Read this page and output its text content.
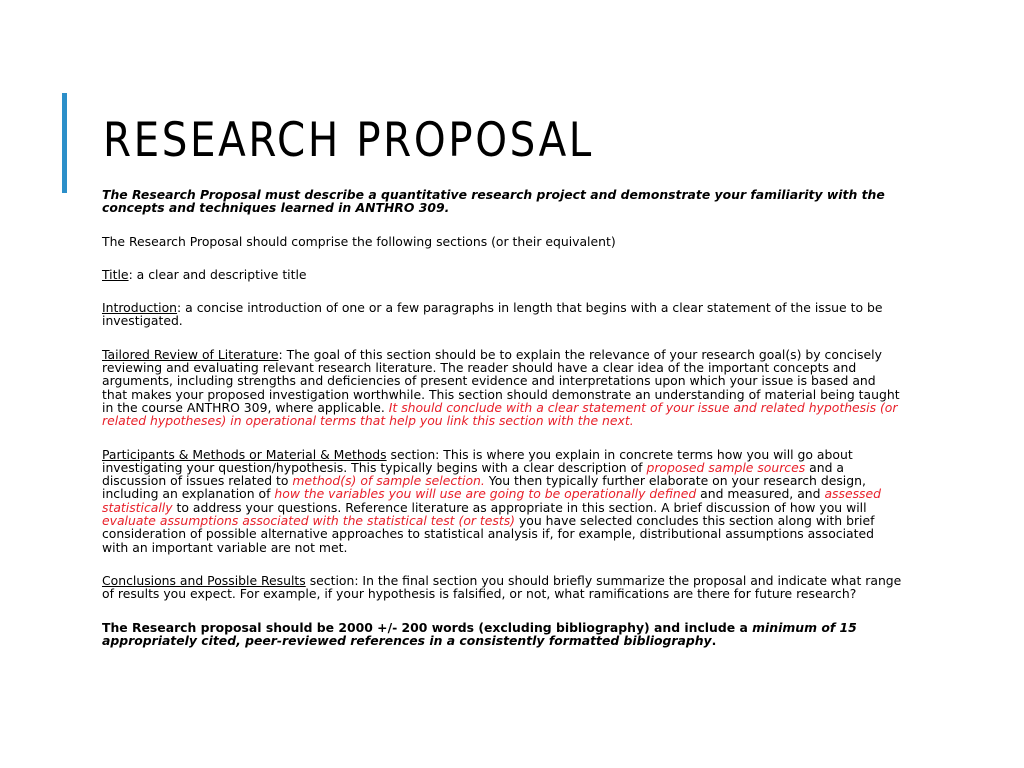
RESEARCH PROPOSAL

The Research Proposal must describe a quantitative research project and demonstrate your familiarity with the concepts and techniques learned in ANTHRO 309.

The Research Proposal should comprise the following sections (or their equivalent)

Title: a clear and descriptive title

Introduction: a concise introduction of one or a few paragraphs in length that begins with a clear statement of the issue to be investigated.

Tailored Review of Literature: The goal of this section should be to explain the relevance of your research goal(s) by concisely reviewing and evaluating relevant research literature. The reader should have a clear idea of the important concepts and arguments, including strengths and deficiencies of present evidence and interpretations upon which your issue is based and that makes your proposed investigation worthwhile. This section should demonstrate an understanding of material being taught in the course ANTHRO 309, where applicable. It should conclude with a clear statement of your issue and related hypothesis (or related hypotheses) in operational terms that help you link this section with the next.

Participants & Methods or Material & Methods section: This is where you explain in concrete terms how you will go about investigating your question/hypothesis. This typically begins with a clear description of proposed sample sources and a discussion of issues related to method(s) of sample selection. You then typically further elaborate on your research design, including an explanation of how the variables you will use are going to be operationally defined and measured, and assessed statistically to address your questions. Reference literature as appropriate in this section. A brief discussion of how you will evaluate assumptions associated with the statistical test (or tests) you have selected concludes this section along with brief consideration of possible alternative approaches to statistical analysis if, for example, distributional assumptions associated with an important variable are not met.

Conclusions and Possible Results section: In the final section you should briefly summarize the proposal and indicate what range of results you expect. For example, if your hypothesis is falsified, or not, what ramifications are there for future research?

The Research proposal should be 2000 +/- 200 words (excluding bibliography) and include a minimum of 15 appropriately cited, peer-reviewed references in a consistently formatted bibliography.
